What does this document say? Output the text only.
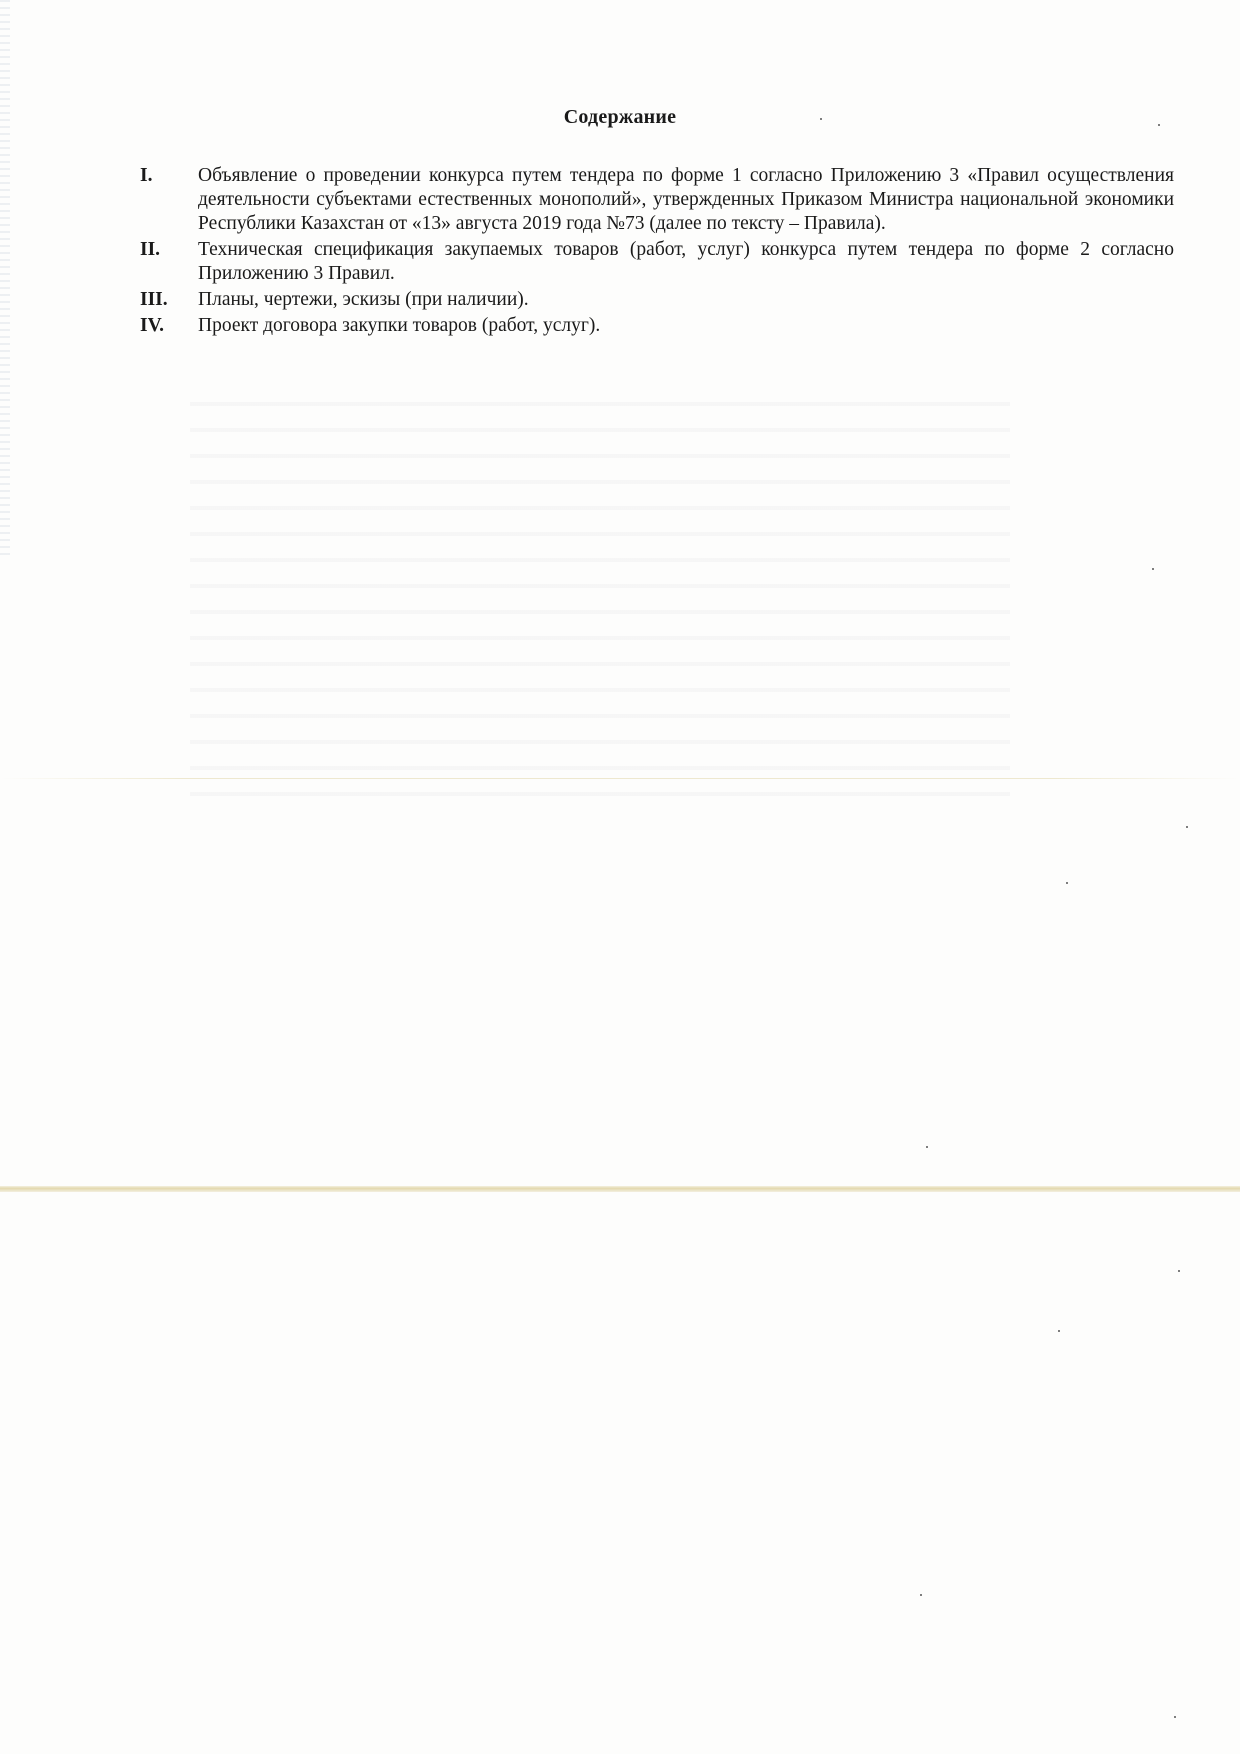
Содержание
I.	Объявление о проведении конкурса путем тендера по форме 1 согласно Приложению 3 «Правил осуществления деятельности субъектами естественных монополий», утвержденных Приказом Министра национальной экономики Республики Казахстан от «13» августа 2019 года №73 (далее по тексту – Правила).
II.	Техническая спецификация закупаемых товаров (работ, услуг) конкурса путем тендера по форме 2 согласно Приложению 3 Правил.
III.	Планы, чертежи, эскизы (при наличии).
IV.	Проект договора закупки товаров (работ, услуг).
